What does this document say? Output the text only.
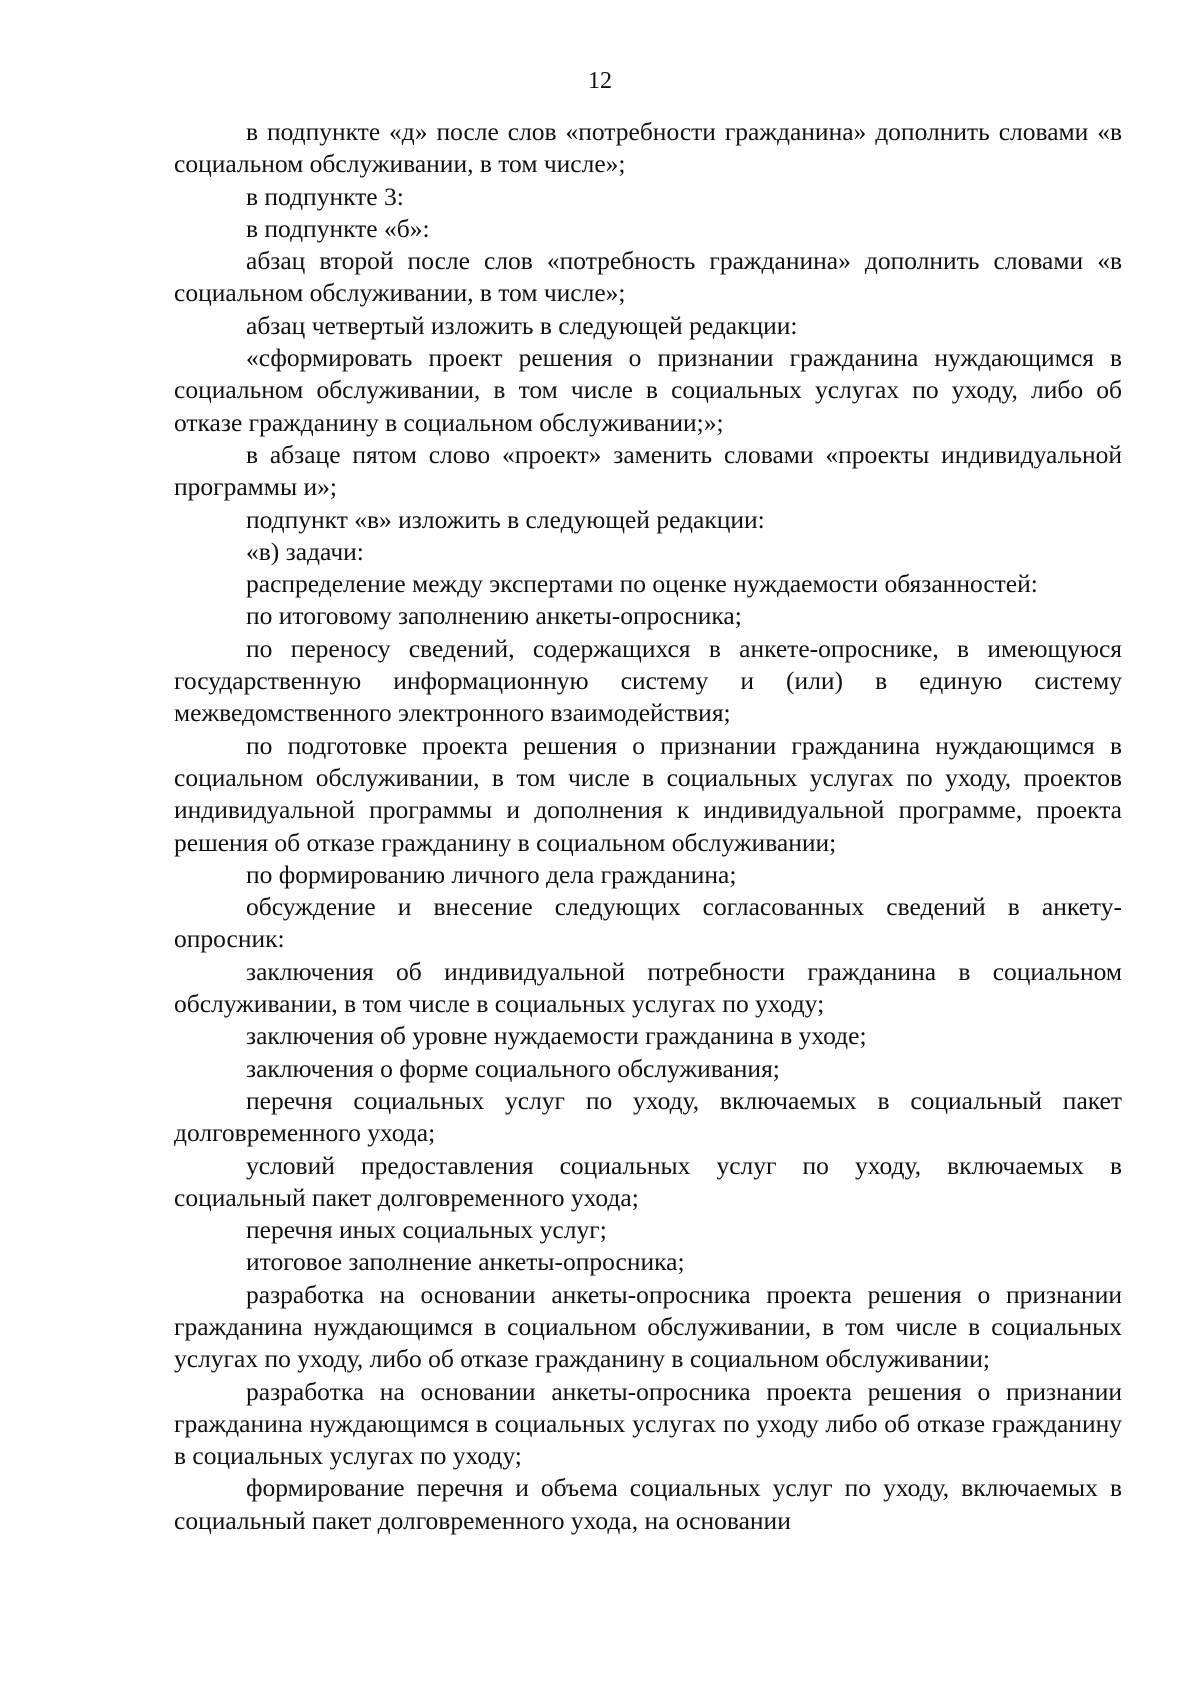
12

в подпункте «д» после слов «потребности гражданина» дополнить словами «в социальном обслуживании, в том числе»;

в подпункте 3:

в подпункте «б»:

абзац второй после слов «потребность гражданина» дополнить словами «в социальном обслуживании, в том числе»;

абзац четвертый изложить в следующей редакции:

«сформировать проект решения о признании гражданина нуждающимся в социальном обслуживании, в том числе в социальных услугах по уходу, либо об отказе гражданину в социальном обслуживании;»;

в абзаце пятом слово «проект» заменить словами «проекты индивидуальной программы и»;

подпункт «в» изложить в следующей редакции:

«в) задачи:

распределение между экспертами по оценке нуждаемости обязанностей:

по итоговому заполнению анкеты-опросника;

по переносу сведений, содержащихся в анкете-опроснике, в имеющуюся государственную информационную систему и (или) в единую систему межведомственного электронного взаимодействия;

по подготовке проекта решения о признании гражданина нуждающимся в социальном обслуживании, в том числе в социальных услугах по уходу, проектов индивидуальной программы и дополнения к индивидуальной программе, проекта решения об отказе гражданину в социальном обслуживании;

по формированию личного дела гражданина;

обсуждение и внесение следующих согласованных сведений в анкету-опросник:

заключения об индивидуальной потребности гражданина в социальном обслуживании, в том числе в социальных услугах по уходу;

заключения об уровне нуждаемости гражданина в уходе;

заключения о форме социального обслуживания;

перечня социальных услуг по уходу, включаемых в социальный пакет долговременного ухода;

условий предоставления социальных услуг по уходу, включаемых в социальный пакет долговременного ухода;

перечня иных социальных услуг;

итоговое заполнение анкеты-опросника;

разработка на основании анкеты-опросника проекта решения о признании гражданина нуждающимся в социальном обслуживании, в том числе в социальных услугах по уходу, либо об отказе гражданину в социальном обслуживании;

разработка на основании анкеты-опросника проекта решения о признании гражданина нуждающимся в социальных услугах по уходу либо об отказе гражданину в социальных услугах по уходу;

формирование перечня и объема социальных услуг по уходу, включаемых в социальный пакет долговременного ухода, на основании
